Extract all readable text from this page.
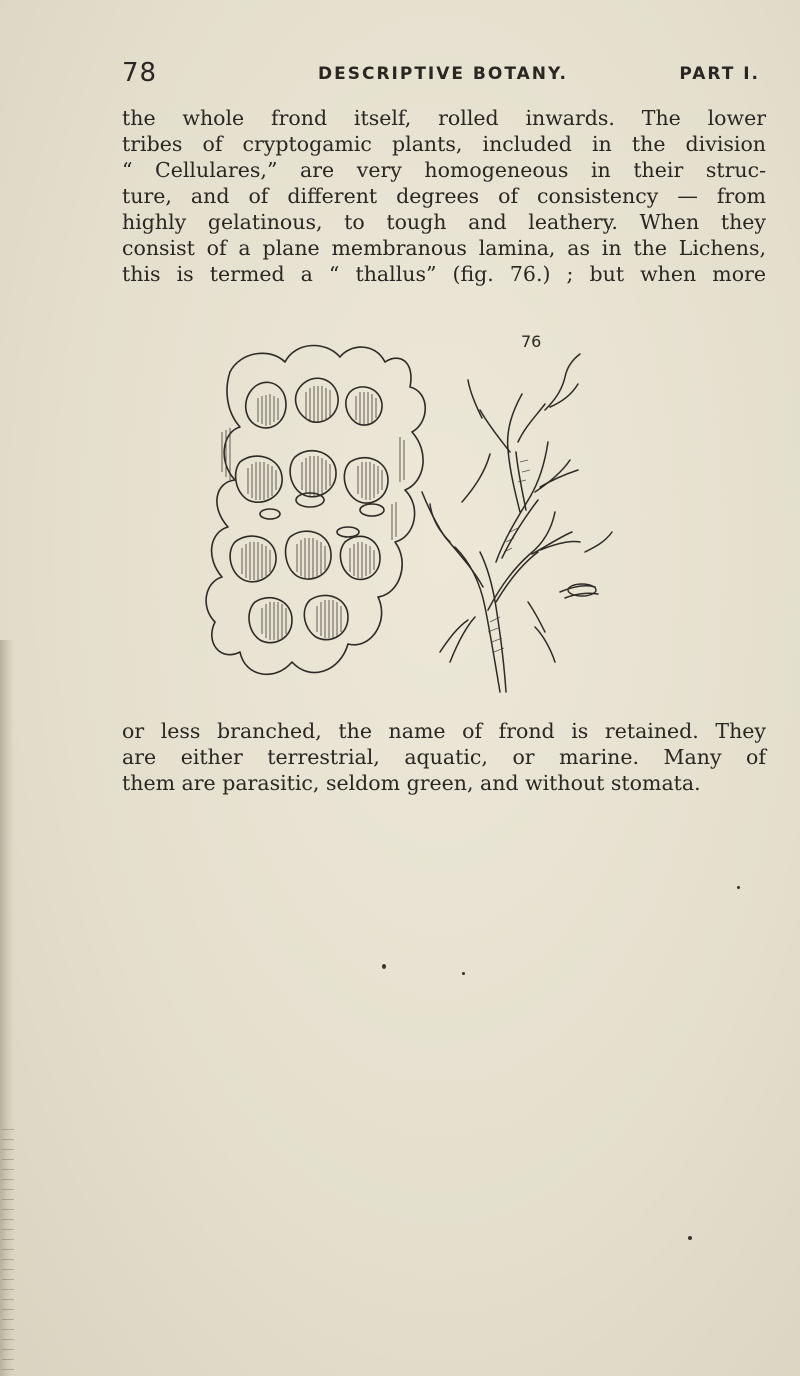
78	DESCRIPTIVE BOTANY.	PART I.
the whole frond itself, rolled inwards. The lower
tribes of cryptogamic plants, included in the division
“ Cellulares,” are very homogeneous in their struc-
ture, and of different degrees of consistency — from
highly gelatinous, to tough and leathery. When they
consist of a plane membranous lamina, as in the Lichens,
this is termed a “ thallus” (fig. 76.) ; but when more
76
or less branched, the name of frond is retained. They
are either terrestrial, aquatic, or marine. Many of
them are parasitic, seldom green, and without stomata.
